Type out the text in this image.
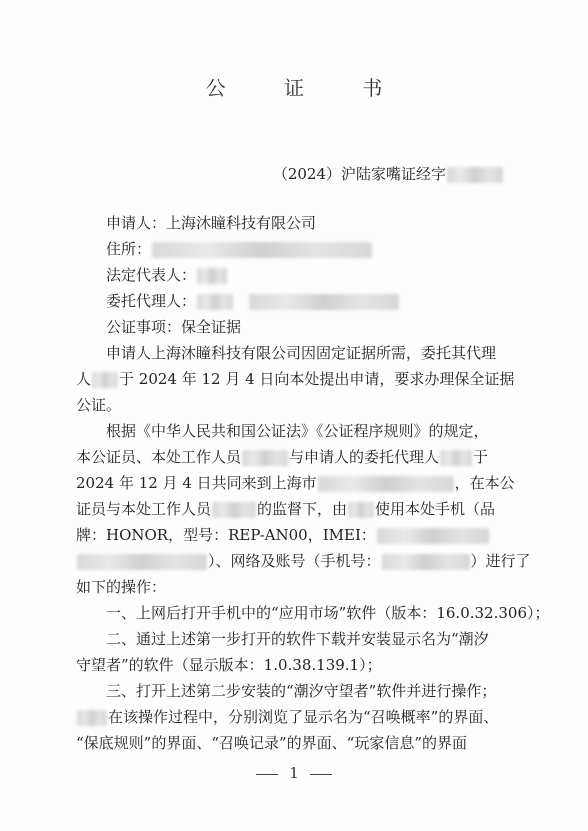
公 证 书
（2024）沪陆家嘴证经字
申请人：上海沐瞳科技有限公司
住所：
法定代表人：
委托代理人：
公证事项：保全证据
申请人上海沐瞳科技有限公司因固定证据所需，委托其代理
人 于 2024 年 12 月 4 日向本处提出申请，要求办理保全证据
公证。
根据《中华人民共和国公证法》《公证程序规则》的规定，
本公证员、本处工作人员	与申请人的委托代理人 于
2024 年 12 月 4 日共同来到上海市	，在本公
证员与本处工作人员	的监督下，由 使用本处手机（品
牌：HONOR，型号：REP-AN00，IMEI：
）、网络及账号（手机号：	）进行了
如下的操作：
一、上网后打开手机中的“应用市场”软件（版本：16.0.32.306）；
二、通过上述第一步打开的软件下载并安装显示名为“潮汐
守望者”的软件（显示版本：1.0.38.139.1）；
三、打开上述第二步安装的“潮汐守望者”软件并进行操作；
在该操作过程中，分别浏览了显示名为“召唤概率”的界面、
“保底规则”的界面、“召唤记录”的界面、“玩家信息”的界面
1
